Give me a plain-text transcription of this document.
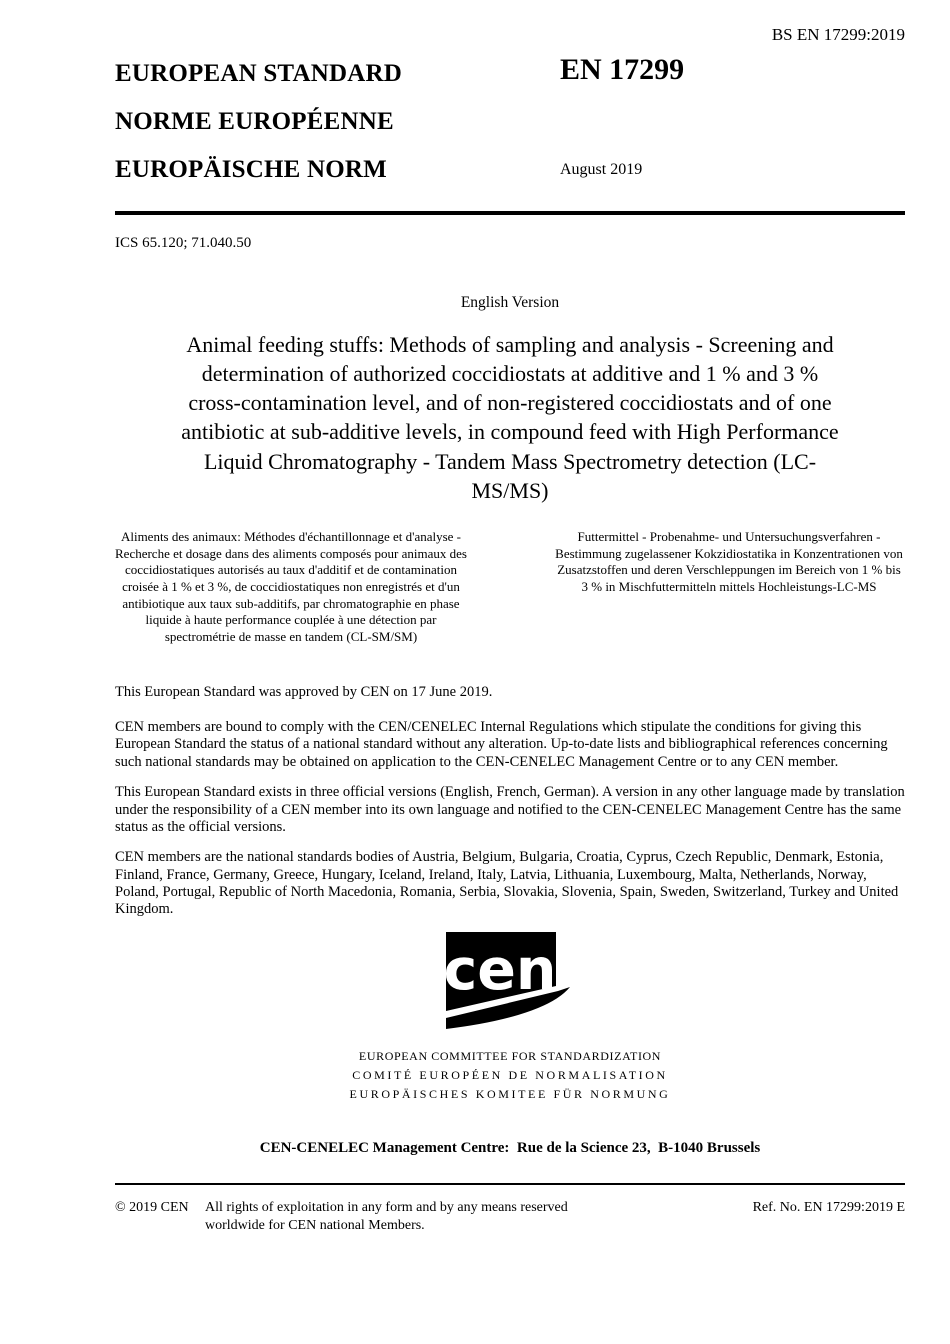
BS EN 17299:2019
EUROPEAN STANDARD
NORME EUROPÉENNE
EUROPÄISCHE NORM
EN 17299
August 2019
ICS 65.120; 71.040.50
English Version
Animal feeding stuffs: Methods of sampling and analysis - Screening and determination of authorized coccidiostats at additive and 1 % and 3 % cross-contamination level, and of non-registered coccidiostats and of one antibiotic at sub-additive levels, in compound feed with High Performance Liquid Chromatography - Tandem Mass Spectrometry detection (LC-MS/MS)
Aliments des animaux: Méthodes d'échantillonnage et d'analyse - Recherche et dosage dans des aliments composés pour animaux des coccidiostatiques autorisés au taux d'additif et de contamination croisée à 1 % et 3 %, de coccidiostatiques non enregistrés et d'un antibiotique aux taux sub-additifs, par chromatographie en phase liquide à haute performance couplée à une détection par spectrométrie de masse en tandem (CL-SM/SM)
Futtermittel - Probenahme- und Untersuchungsverfahren - Bestimmung zugelassener Kokzidiostatika in Konzentrationen von Zusatzstoffen und deren Verschleppungen im Bereich von 1 % bis 3 % in Mischfuttermitteln mittels Hochleistungs-LC-MS

This European Standard was approved by CEN on 17 June 2019.

CEN members are bound to comply with the CEN/CENELEC Internal Regulations which stipulate the conditions for giving this European Standard the status of a national standard without any alteration. Up-to-date lists and bibliographical references concerning such national standards may be obtained on application to the CEN-CENELEC Management Centre or to any CEN member.

This European Standard exists in three official versions (English, French, German). A version in any other language made by translation under the responsibility of a CEN member into its own language and notified to the CEN-CENELEC Management Centre has the same status as the official versions.

CEN members are the national standards bodies of Austria, Belgium, Bulgaria, Croatia, Cyprus, Czech Republic, Denmark, Estonia, Finland, France, Germany, Greece, Hungary, Iceland, Ireland, Italy, Latvia, Lithuania, Luxembourg, Malta, Netherlands, Norway, Poland, Portugal, Republic of North Macedonia, Romania, Serbia, Slovakia, Slovenia, Spain, Sweden, Switzerland, Turkey and United Kingdom.

cen
EUROPEAN COMMITTEE FOR STANDARDIZATION
COMITÉ EUROPÉEN DE NORMALISATION
EUROPÄISCHES KOMITEE FÜR NORMUNG
CEN-CENELEC Management Centre:  Rue de la Science 23,  B-1040 Brussels
© 2019 CEN	All rights of exploitation in any form and by any means reserved worldwide for CEN national Members.
Ref. No. EN 17299:2019 E
